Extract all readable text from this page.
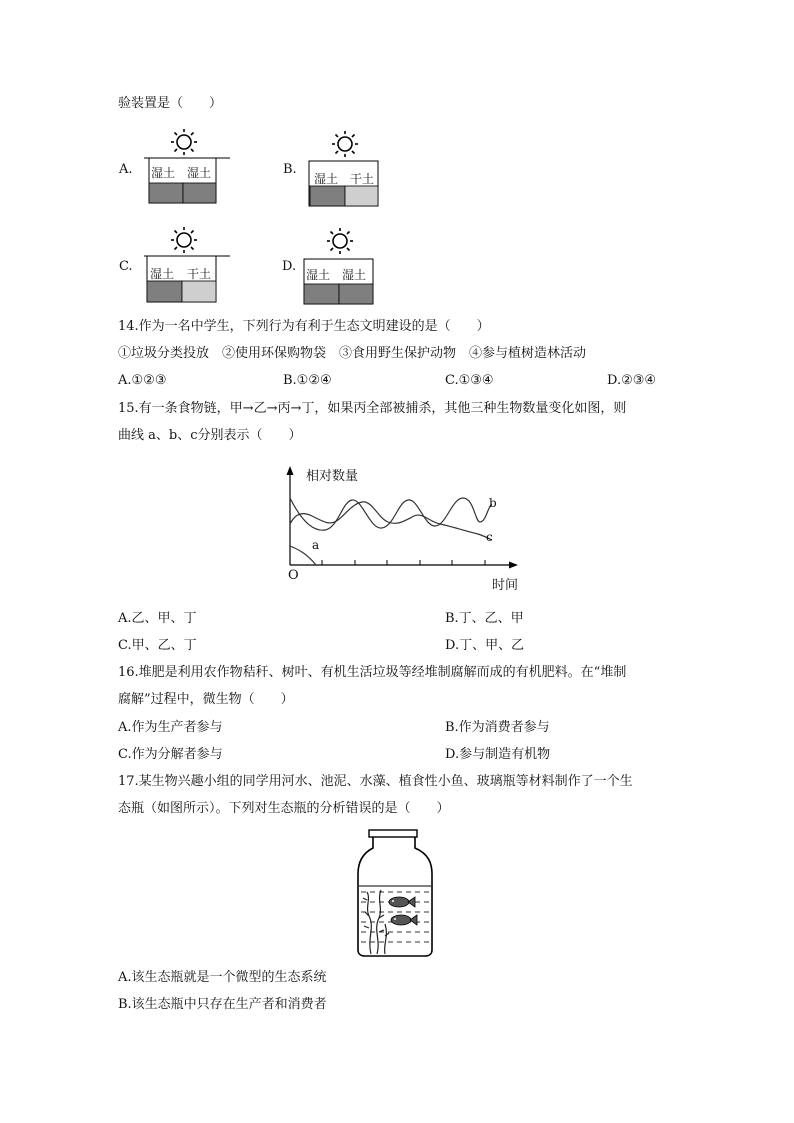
验装置是（　　）
A. 湿土 湿土	B.
湿土 干土
C. 湿土 干土	D.
湿土 湿土
14.作为一名中学生，下列行为有利于生态文明建设的是（　　）
①垃圾分类投放　②使用环保购物袋　③食用野生保护动物　④参与植树造林活动
A.①②③	B.①②④	C.①③④	D.②③④
15.有一条食物链，甲→乙→丙→丁，如果丙全部被捕杀，其他三种生物数量变化如图，则
曲线 a、b、c分别表示（　　）
相对数量
时间
O
a
b
c
A.乙、甲、丁	B.丁、乙、甲
C.甲、乙、丁	D.丁、甲、乙
16.堆肥是利用农作物秸秆、树叶、有机生活垃圾等经堆制腐解而成的有机肥料。在“堆制
腐解”过程中，微生物（　　）
A.作为生产者参与	B.作为消费者参与
C.作为分解者参与	D.参与制造有机物
17.某生物兴趣小组的同学用河水、池泥、水藻、植食性小鱼、玻璃瓶等材料制作了一个生
态瓶（如图所示）。下列对生态瓶的分析错误的是（　　）
A.该生态瓶就是一个微型的生态系统
B.该生态瓶中只存在生产者和消费者
